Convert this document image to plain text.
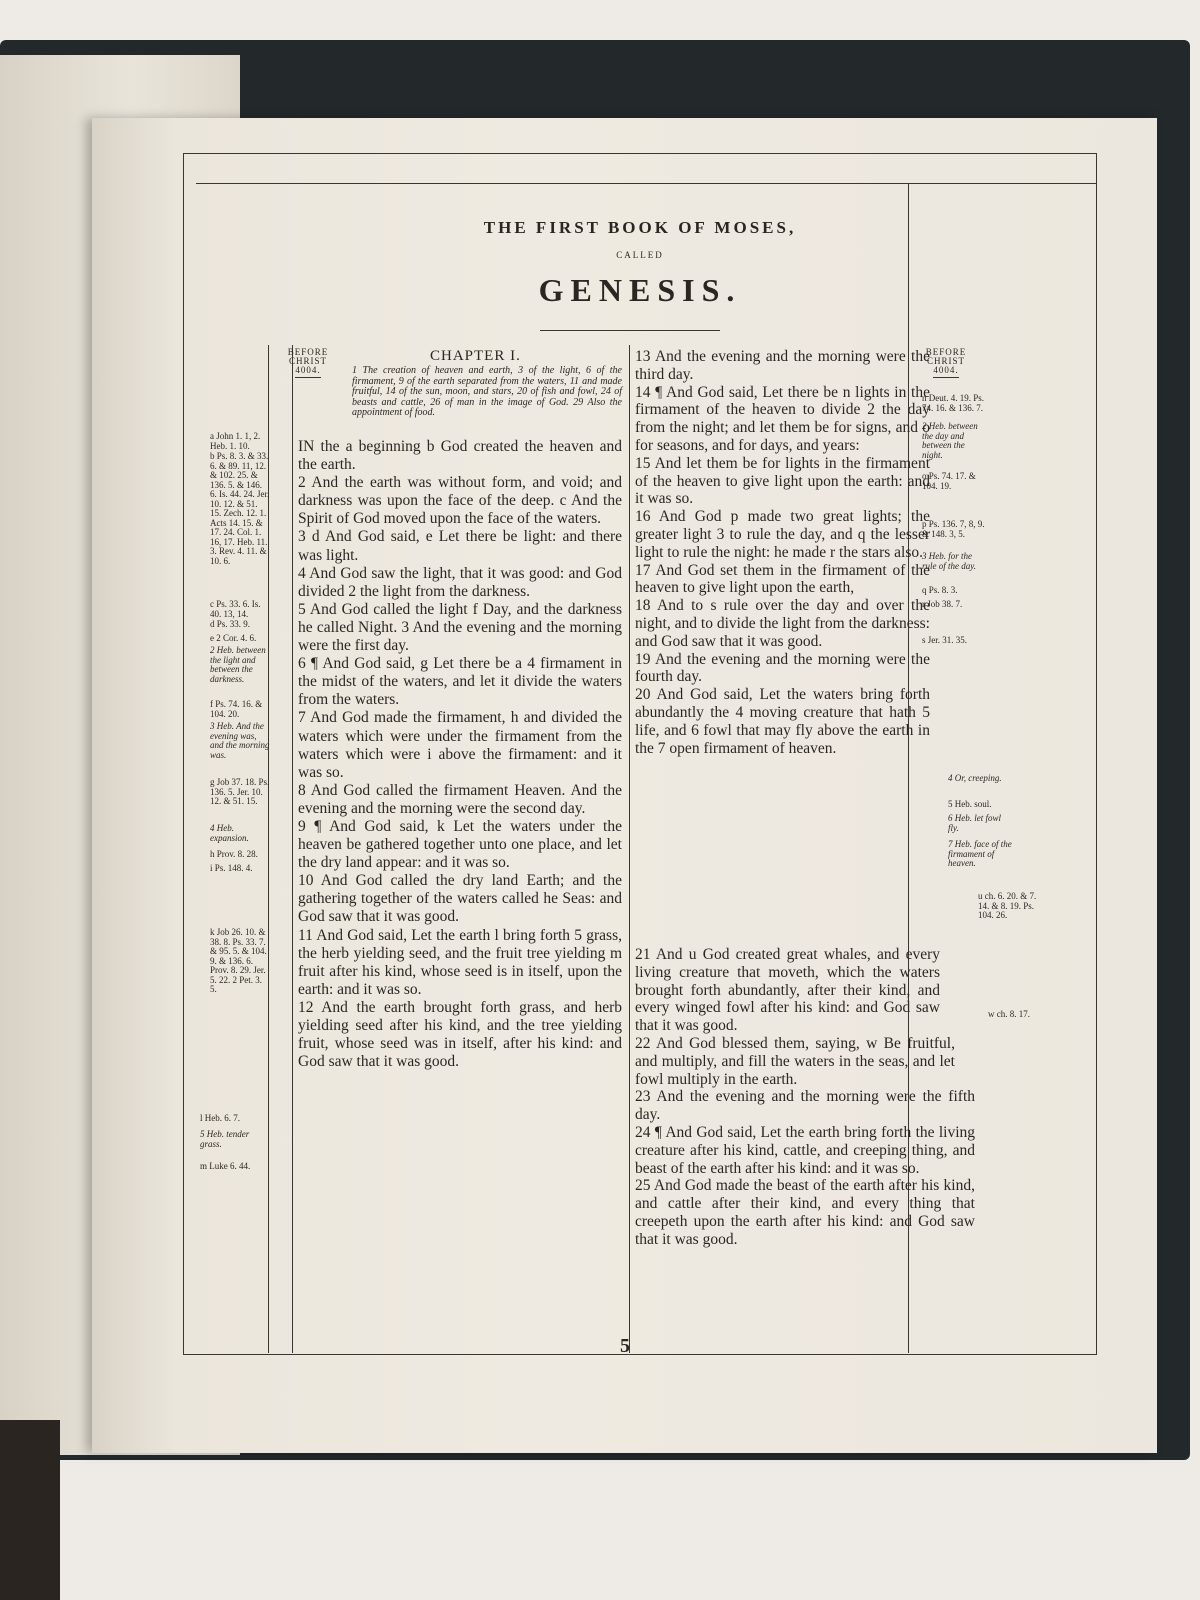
THE FIRST BOOK OF MOSES,
CALLED
GENESIS.
BEFORE CHRIST
4004.
BEFORE CHRIST
4004.
a John 1. 1, 2. Heb. 1. 10.
b Ps. 8. 3. & 33. 6. & 89. 11, 12. & 102. 25. & 136. 5. & 146. 6. Is. 44. 24. Jer. 10. 12. & 51. 15. Zech. 12. 1. Acts 14. 15. & 17. 24. Col. 1. 16, 17. Heb. 11. 3. Rev. 4. 11. & 10. 6.
c Ps. 33. 6. Is. 40. 13, 14.
d Ps. 33. 9.
e 2 Cor. 4. 6.
2 Heb. between the light and between the darkness.
f Ps. 74. 16. & 104. 20.
3 Heb. And the evening was, and the morning was.
g Job 37. 18. Ps. 136. 5. Jer. 10. 12. & 51. 15.
4 Heb. expansion.
h Prov. 8. 28.
i Ps. 148. 4.
k Job 26. 10. & 38. 8. Ps. 33. 7. & 95. 5. & 104. 9. & 136. 6. Prov. 8. 29. Jer. 5. 22. 2 Pet. 3. 5.
l Heb. 6. 7.
5 Heb. tender grass.
m Luke 6. 44.
n Deut. 4. 19. Ps. 74. 16. & 136. 7.
2 Heb. between the day and between the night.
o Ps. 74. 17. & 104. 19.
p Ps. 136. 7, 8, 9. & 148. 3, 5.
3 Heb. for the rule of the day.
q Ps. 8. 3.
r Job 38. 7.
s Jer. 31. 35.
4 Or, creeping.
5 Heb. soul.
6 Heb. let fowl fly.
7 Heb. face of the firmament of heaven.
u ch. 6. 20. & 7. 14. & 8. 19. Ps. 104. 26.
w ch. 8. 17.
CHAPTER I.
1 The creation of heaven and earth, 3 of the light, 6 of the firmament, 9 of the earth separated from the waters, 11 and made fruitful, 14 of the sun, moon, and stars, 20 of fish and fowl, 24 of beasts and cattle, 26 of man in the image of God. 29 Also the appointment of food.

IN the a beginning b God created the heaven and the earth.

2 And the earth was without form, and void; and darkness was upon the face of the deep. c And the Spirit of God moved upon the face of the waters.

3 d And God said, e Let there be light: and there was light.

4 And God saw the light, that it was good: and God divided 2 the light from the darkness.

5 And God called the light f Day, and the darkness he called Night. 3 And the evening and the morning were the first day.

6 ¶ And God said, g Let there be a 4 firmament in the midst of the waters, and let it divide the waters from the waters.

7 And God made the firmament, h and divided the waters which were under the firmament from the waters which were i above the firmament: and it was so.

8 And God called the firmament Heaven. And the evening and the morning were the second day.

9 ¶ And God said, k Let the waters under the heaven be gathered together unto one place, and let the dry land appear: and it was so.

10 And God called the dry land Earth; and the gathering together of the waters called he Seas: and God saw that it was good.

11 And God said, Let the earth l bring forth 5 grass, the herb yielding seed, and the fruit tree yielding m fruit after his kind, whose seed is in itself, upon the earth: and it was so.

12 And the earth brought forth grass, and herb yielding seed after his kind, and the tree yielding fruit, whose seed was in itself, after his kind: and God saw that it was good.

13 And the evening and the morning were the third day.

14 ¶ And God said, Let there be n lights in the firmament of the heaven to divide 2 the day from the night; and let them be for signs, and o for seasons, and for days, and years:

15 And let them be for lights in the firmament of the heaven to give light upon the earth: and it was so.

16 And God p made two great lights; the greater light 3 to rule the day, and q the lesser light to rule the night: he made r the stars also.

17 And God set them in the firmament of the heaven to give light upon the earth,

18 And to s rule over the day and over the night, and to divide the light from the darkness: and God saw that it was good.

19 And the evening and the morning were the fourth day.

20 And God said, Let the waters bring forth abundantly the 4 moving creature that hath 5 life, and 6 fowl that may fly above the earth in the 7 open firmament of heaven.

21 And u God created great whales, and every living creature that moveth, which the waters brought forth abundantly, after their kind, and every winged fowl after his kind: and God saw that it was good.

22 And God blessed them, saying, w Be fruitful, and multiply, and fill the waters in the seas, and let fowl multiply in the earth.

23 And the evening and the morning were the fifth day.

24 ¶ And God said, Let the earth bring forth the living creature after his kind, cattle, and creeping thing, and beast of the earth after his kind: and it was so.

25 And God made the beast of the earth after his kind, and cattle after their kind, and every thing that creepeth upon the earth after his kind: and God saw that it was good.

5
